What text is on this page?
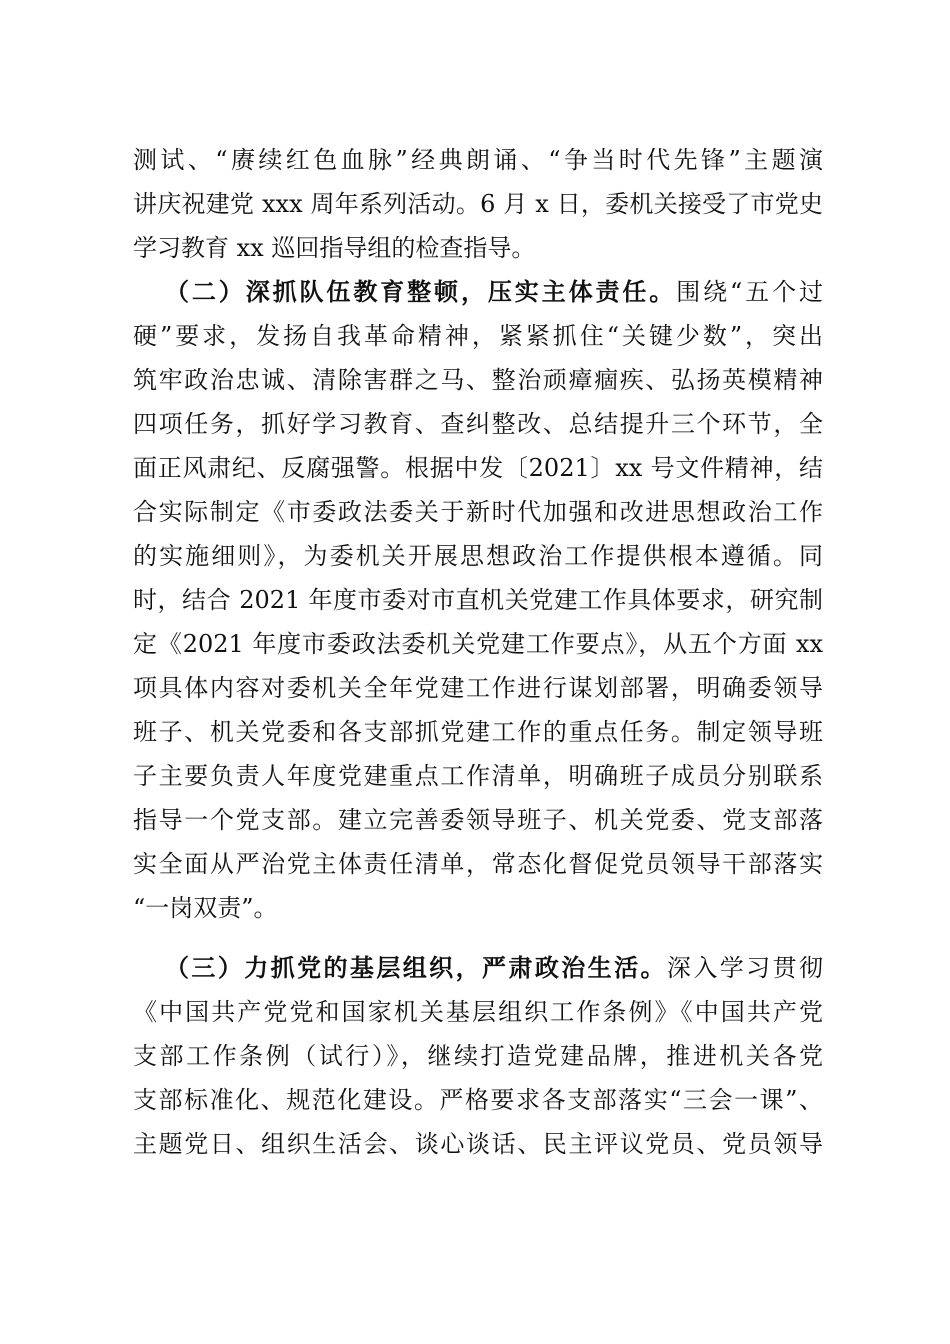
测试、“赓续红色血脉”经典朗诵、“争当时代先锋”主题演
讲庆祝建党 xxx 周年系列活动。6 月 x 日，委机关接受了市党史
学习教育 xx 巡回指导组的检查指导。
（二）深抓队伍教育整顿，压实主体责任。围绕“五个过
硬”要求，发扬自我革命精神，紧紧抓住“关键少数”，突出
筑牢政治忠诚、清除害群之马、整治顽瘴痼疾、弘扬英模精神
四项任务，抓好学习教育、查纠整改、总结提升三个环节，全
面正风肃纪、反腐强警。根据中发〔2021〕xx 号文件精神，结
合实际制定《市委政法委关于新时代加强和改进思想政治工作
的实施细则》，为委机关开展思想政治工作提供根本遵循。同
时，结合 2021 年度市委对市直机关党建工作具体要求，研究制
定《2021 年度市委政法委机关党建工作要点》，从五个方面 xx
项具体内容对委机关全年党建工作进行谋划部署，明确委领导
班子、机关党委和各支部抓党建工作的重点任务。制定领导班
子主要负责人年度党建重点工作清单，明确班子成员分别联系
指导一个党支部。建立完善委领导班子、机关党委、党支部落
实全面从严治党主体责任清单，常态化督促党员领导干部落实
“一岗双责”。
（三）力抓党的基层组织，严肃政治生活。深入学习贯彻
《中国共产党党和国家机关基层组织工作条例》《中国共产党
支部工作条例（试行）》，继续打造党建品牌，推进机关各党
支部标准化、规范化建设。严格要求各支部落实“三会一课”、
主题党日、组织生活会、谈心谈话、民主评议党员、党员领导
